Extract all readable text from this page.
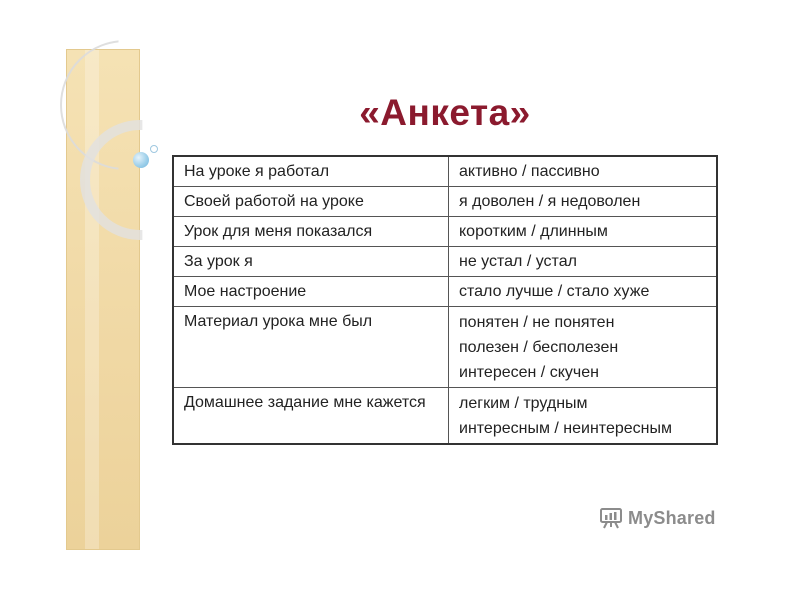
«Анкета»
На уроке я работал	активно / пассивно

Своей работой на уроке	я доволен / я недоволен

Урок для меня показался	коротким / длинным

За урок я	не устал / устал

Мое настроение	стало лучше / стало хуже

Материал урока мне был	понятен / не понятен
полезен / бесполезен
интересен / скучен

Домашнее задание мне кажется	легким / трудным
интересным / неинтересным
MyShared
